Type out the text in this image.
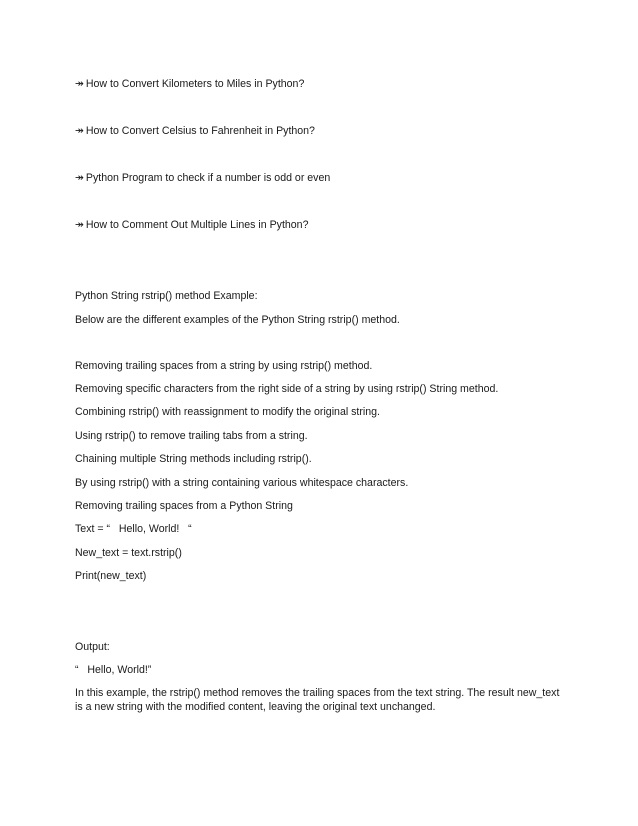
↠ How to Convert Kilometers to Miles in Python?

↠ How to Convert Celsius to Fahrenheit in Python?

↠ Python Program to check if a number is odd or even

↠ How to Comment Out Multiple Lines in Python?

Python String rstrip() method Example:

Below are the different examples of the Python String rstrip() method.

Removing trailing spaces from a string by using rstrip() method.

Removing specific characters from the right side of a string by using rstrip() String method.

Combining rstrip() with reassignment to modify the original string.

Using rstrip() to remove trailing tabs from a string.

Chaining multiple String methods including rstrip().

By using rstrip() with a string containing various whitespace characters.

Removing trailing spaces from a Python String

Text = “   Hello, World!   “

New_text = text.rstrip()

Print(new_text)

Output:

“   Hello, World!”

In this example, the rstrip() method removes the trailing spaces from the text string. The result new_text is a new string with the modified content, leaving the original text unchanged.
